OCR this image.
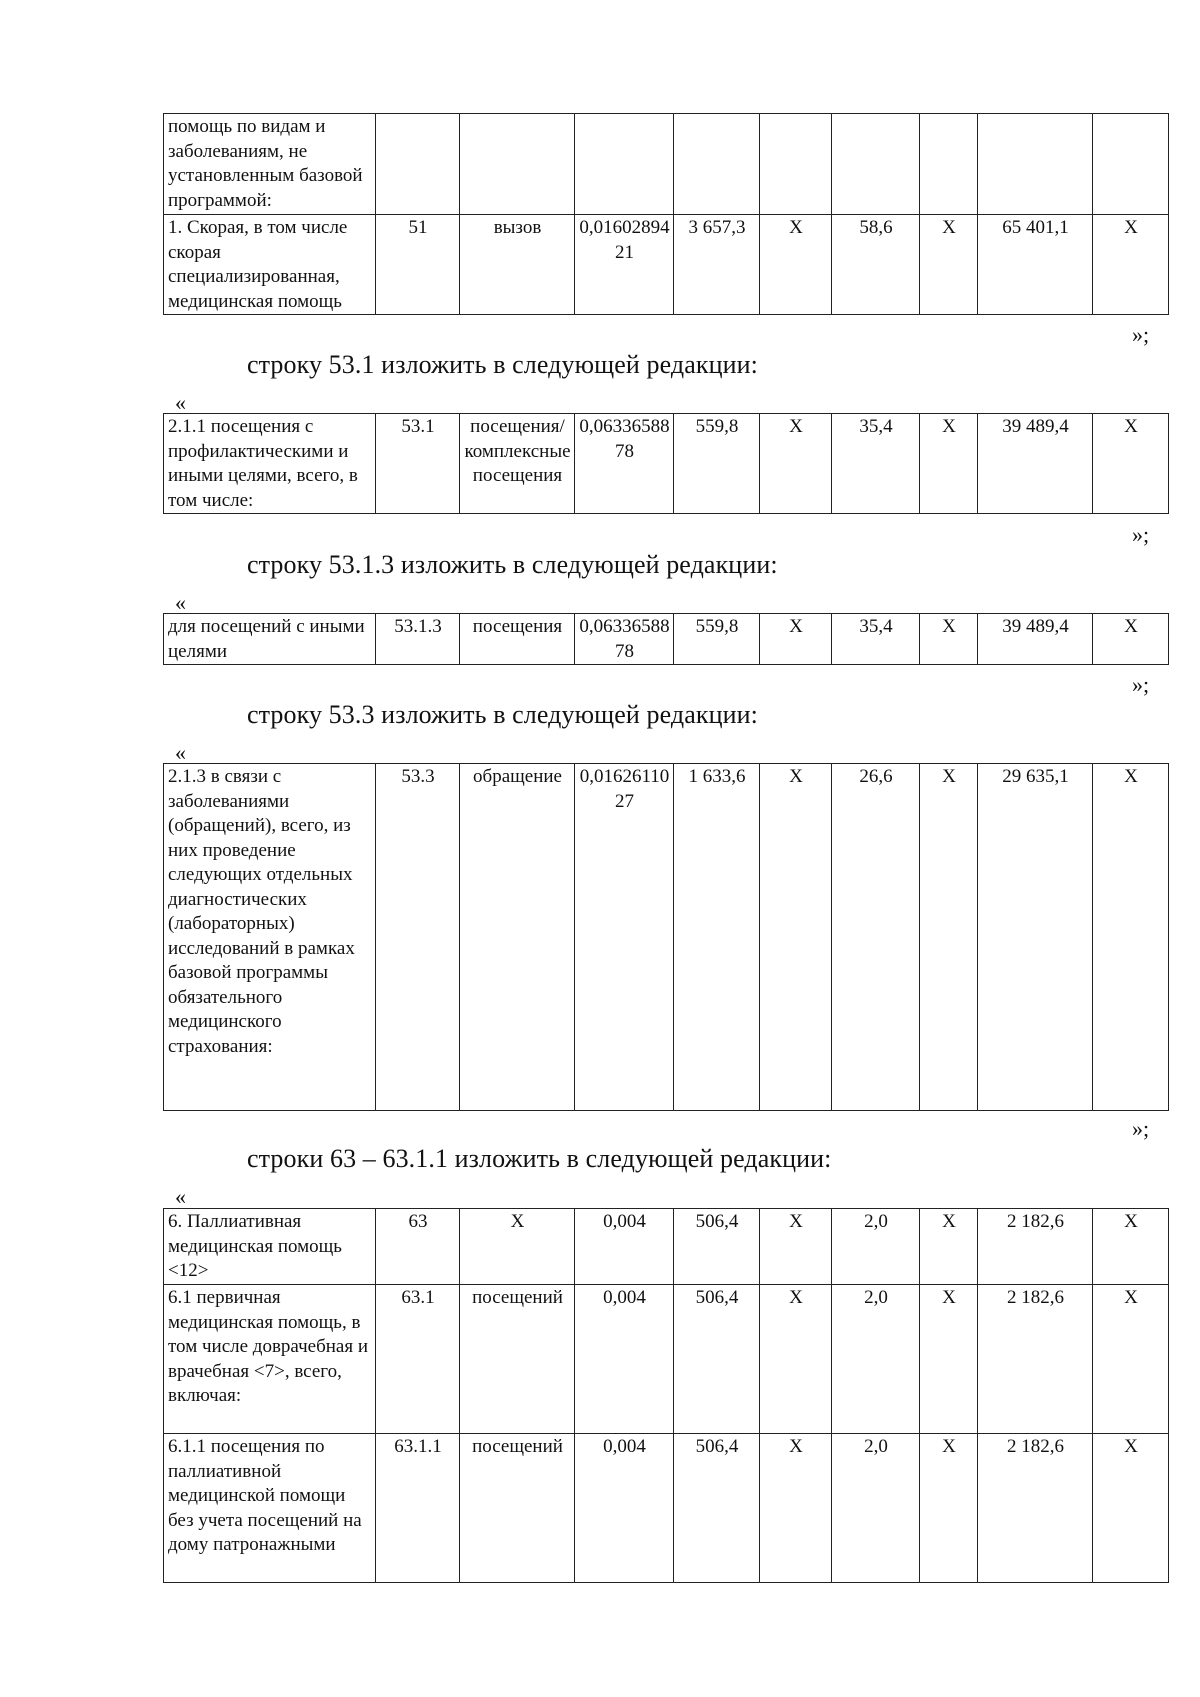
помощь по видам и заболеваниям, не установленным базовой программой:									
1. Скорая, в том числе скорая специализированная, медицинская помощь	51	вызов	0,0160289421	3 657,3	Х	58,6	Х	65 401,1	Х
»;
строку 53.1 изложить в следующей редакции:
«
2.1.1 посещения с профилактическими и иными целями, всего, в том числе:	53.1	посещения/ комплексные посещения	0,0633658878	559,8	Х	35,4	Х	39 489,4	Х
»;
строку 53.1.3 изложить в следующей редакции:
«
для посещений с иными целями	53.1.3	посещения	0,0633658878	559,8	Х	35,4	Х	39 489,4	Х
»;
строку 53.3 изложить в следующей редакции:
«
2.1.3 в связи с заболеваниями (обращений), всего, из них проведение следующих отдельных диагностических (лабораторных) исследований в рамках базовой программы обязательного медицинского страхования:	53.3	обращение	0,0162611027	1 633,6	Х	26,6	Х	29 635,1	Х
»;
строки 63 – 63.1.1 изложить в следующей редакции:
«
6. Паллиативная медицинская помощь <12>	63	Х	0,004	506,4	Х	2,0	Х	2 182,6	Х
6.1 первичная медицинская помощь, в том числе доврачебная и врачебная <7>, всего, включая:	63.1	посещений	0,004	506,4	Х	2,0	Х	2 182,6	Х
6.1.1 посещения по паллиативной медицинской помощи без учета посещений на дому патронажными	63.1.1	посещений	0,004	506,4	Х	2,0	Х	2 182,6	Х
